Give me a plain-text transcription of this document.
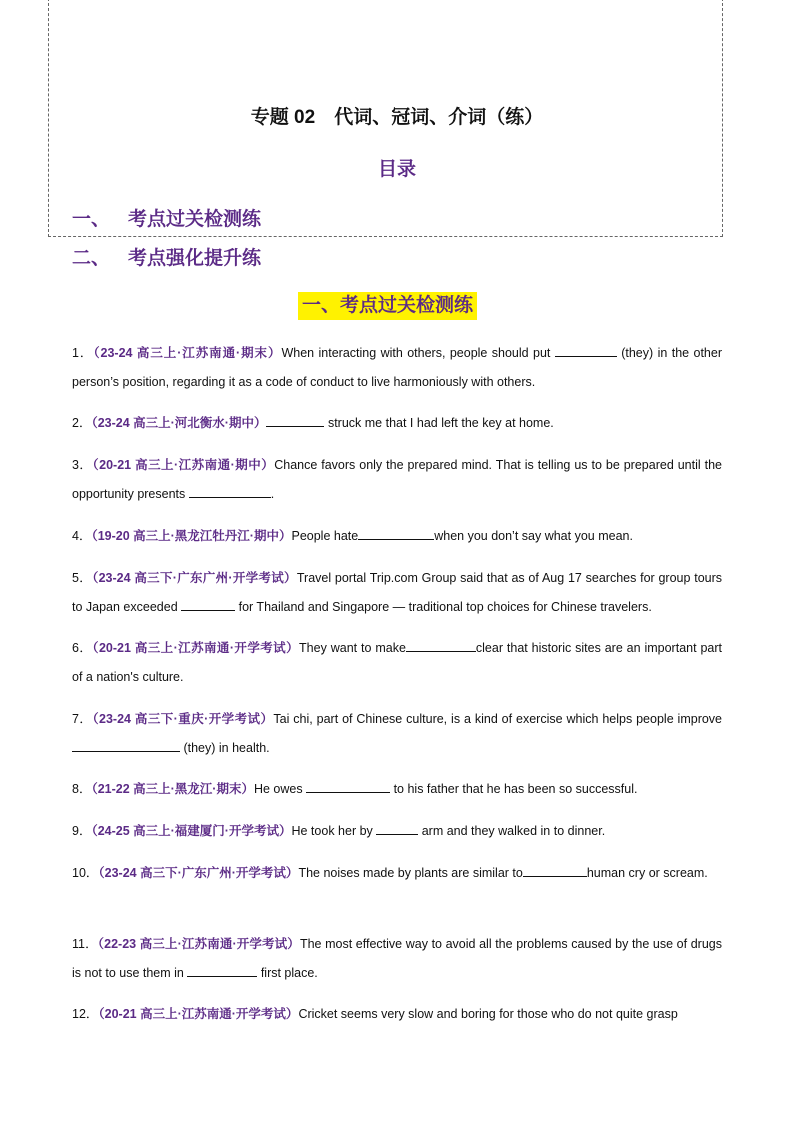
专题 02　代词、冠词、介词（练）
目录
一、 考点过关检测练
二、 考点强化提升练
一、考点过关检测练
1．（23-24 高三上·江苏南通·期末）When interacting with others, people should put	(they) in the other person’s position, regarding it as a code of conduct to live harmoniously with others.
2．（23-24 高三上·河北衡水·期中）	struck me that I had left the key at home.
3．（20-21 高三上·江苏南通·期中）Chance favors only the prepared mind. That is telling us to be prepared until the opportunity presents	.
4．（19-20 高三上·黑龙江牡丹江·期中）People hate	when you don’t say what you mean.
5．（23-24 高三下·广东广州·开学考试）Travel portal Trip.com Group said that as of Aug 17 searches for group tours to Japan exceeded	for Thailand and Singapore — traditional top choices for Chinese travelers.
6．（20-21 高三上·江苏南通·开学考试）They want to make	clear that historic sites are an important part of a nation's culture.
7．（23-24 高三下·重庆·开学考试）Tai chi, part of Chinese culture, is a kind of exercise which helps people improve  (they) in health.
8．（21-22 高三上·黑龙江·期末）He owes	to his father that he has been so successful.
9．（24-25 高三上·福建厦门·开学考试）He took her by	arm and they walked in to dinner.
10．（23-24 高三下·广东广州·开学考试）The noises made by plants are similar to	human cry or scream.
11．（22-23 高三上·江苏南通·开学考试）The most effective way to avoid all the problems caused by the use of drugs is not to use them in	first place.
12．（20-21 高三上·江苏南通·开学考试）Cricket seems very slow and boring for those who do not quite grasp
